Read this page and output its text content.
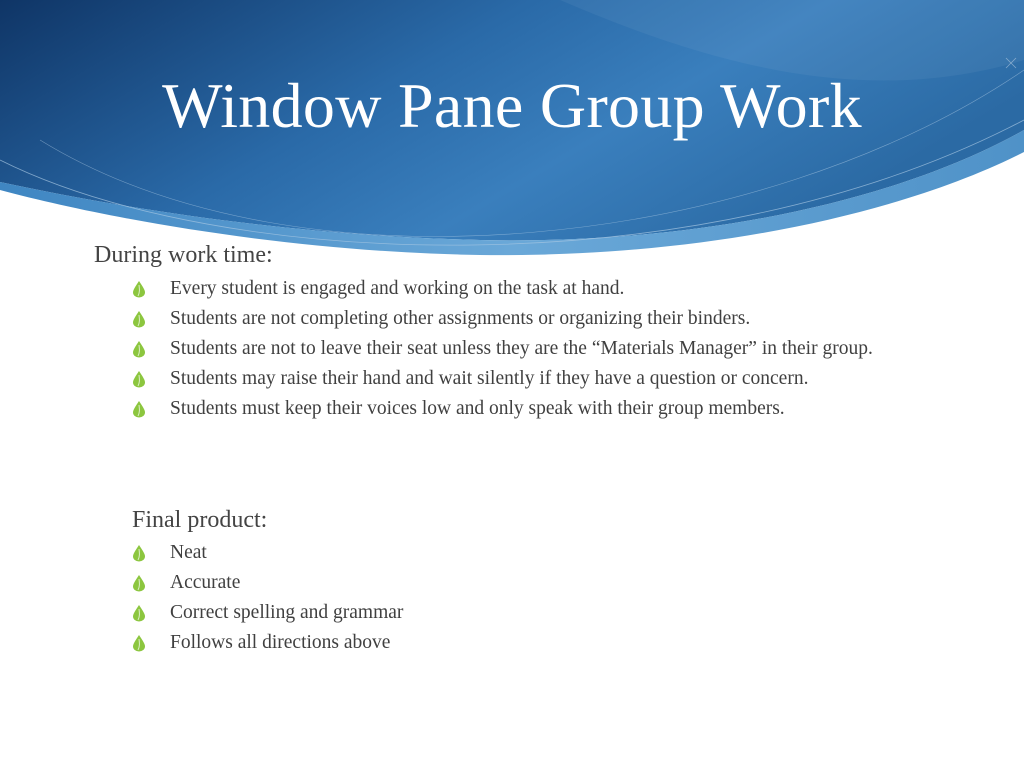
Window Pane Group Work
During work time:
Every student is engaged and working on the task at hand.
Students are not completing other assignments or organizing their binders.
Students are not to leave their seat unless they are the “Materials Manager” in their group.
Students may raise their hand and wait silently if they have a question or concern.
Students must keep their voices low and only speak with their group members.
Final product:
Neat
Accurate
Correct spelling and grammar
Follows all directions above
